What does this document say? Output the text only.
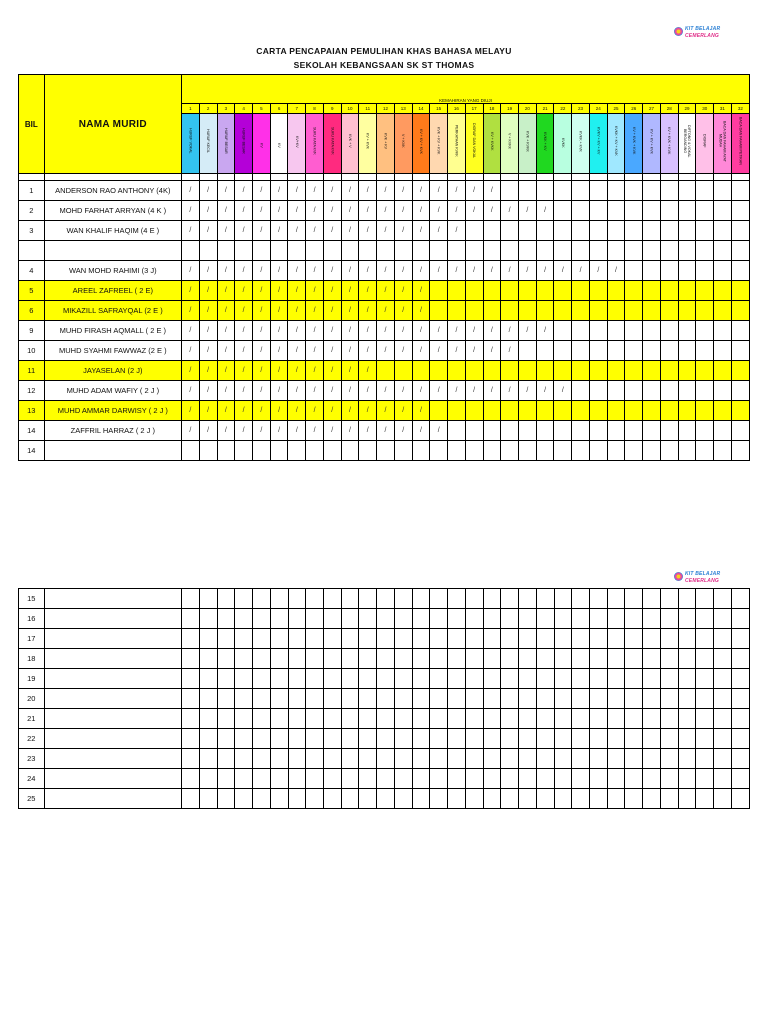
KIT BELAJAR
CEMERLANG
KIT BELAJAR
CEMERLANG
CARTA PENCAPAIAN PEMULIHAN KHAS BAHASA MELAYU
SEKOLAH KEBANGSAAN SK ST THOMAS
BIL	NAMA MURID	KEMAHIRAN YANG DIUJI																															
		1	2	3	4	5	6	7	8	9	10	11	12	13	14	15	16	17	18	19	20	21	22	23	24	25	26	27	28	29	30	31	32
		HURUF VOKAL	HURUF KECIL	HURUF BESAR	HURUF BESAR	KV	KV	KV+KV	SUKU KATA KVK	SUKU KATA KVK	KVK + V	KV + KVK	KVK + KV	V + KVK	KV + KV + KVK	KVK + KV + KVK	PERKATAAN KVKK	DIGRAF DAN VOKAL	KV + KVKK	V + KVKK	KVK + KVKK	KVKK + KV	KVKK	KVKK + KVK	KVKV + KV + KV	KVKK + KV + KVK	KV + KVK + KVK	KV + KV + KVK	KV + KVK + KVK	DIFTONG & VOKAL BERGANDING	DIGRAF	BACA DAN FAHAM AYAT MUDAH	BACA DAN FAHAM PETIKAN

1	ANDERSON RAO ANTHONY (4K)	/	/	/	/	/	/	/	/	/	/	/	/	/	/	/	/	/	/														
2	MOHD FARHAT ARRYAN (4 K )	/	/	/	/	/	/	/	/	/	/	/	/	/	/	/	/	/	/	/	/	/											
3	WAN KHALIF HAQIM (4 E )	/	/	/	/	/	/	/	/	/	/	/	/	/	/	/	/																

4	WAN MOHD RAHIMI (3 J)	/	/	/	/	/	/	/	/	/	/	/	/	/	/	/	/	/	/	/	/	/	/	/	/	/							
5	AREEL ZAFREEL ( 2 E)	/	/	/	/	/	/	/	/	/	/	/	/	/	/																		
6	MIKAZILL SAFRAYQAL (2 E )	/	/	/	/	/	/	/	/	/	/	/	/	/	/																		
9	MUHD FIRASH AQMALL ( 2 E )	/	/	/	/	/	/	/	/	/	/	/	/	/	/	/	/	/	/	/	/	/											
10	MUHD SYAHMI FAWWAZ (2 E )	/	/	/	/	/	/	/	/	/	/	/	/	/	/	/	/	/	/	/													
11	JAYASELAN (2 J)	/	/	/	/	/	/	/	/	/	/	/																					
12	MUHD ADAM WAFIY ( 2 J )	/	/	/	/	/	/	/	/	/	/	/	/	/	/	/	/	/	/	/	/	/	/										
13	MUHD AMMAR DARWISY ( 2 J )	/	/	/	/	/	/	/	/	/	/	/	/	/	/																		
14	ZAFFRIL HARRAZ ( 2 J )	/	/	/	/	/	/	/	/	/	/	/	/	/	/	/																	
14																																	
15																																	
16																																	
17																																	
18																																	
19																																	
20																																	
21																																	
22																																	
23																																	
24																																	
25																																	
